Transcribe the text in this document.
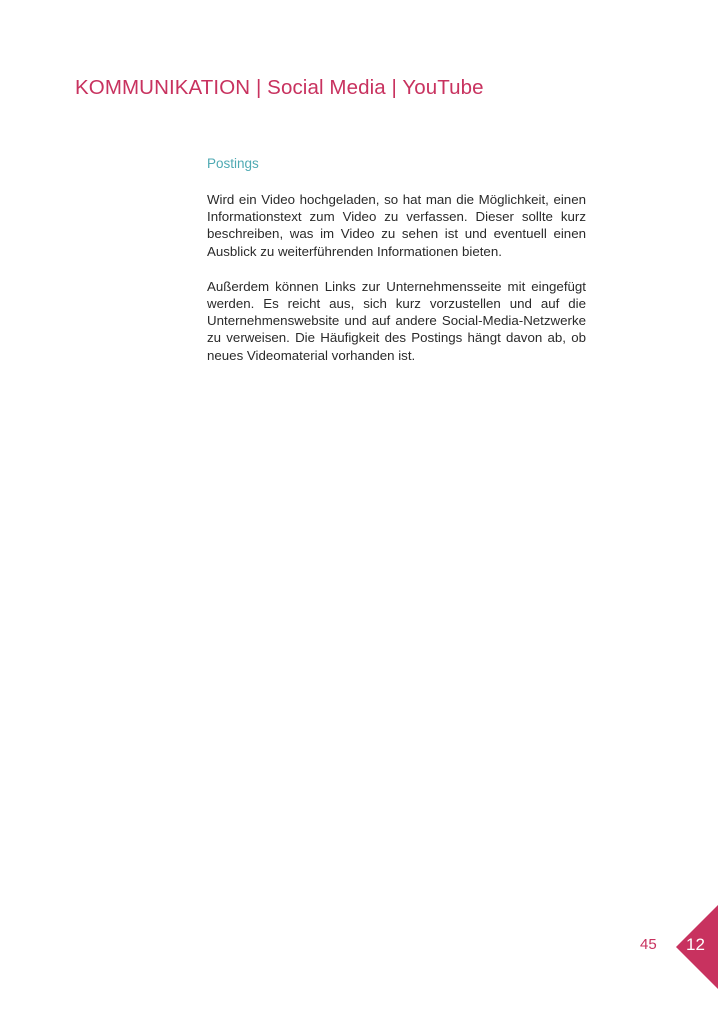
KOMMUNIKATION | Social Media | YouTube
Postings

Wird ein Video hochgeladen, so hat man die Möglichkeit, einen Informationstext zum Video zu verfassen. Dieser sollte kurz beschreiben, was im Video zu sehen ist und eventuell einen Ausblick zu weiterführenden Informationen bieten.

Außerdem können Links zur Unternehmensseite mit eingefügt werden. Es reicht aus, sich kurz vorzustellen und auf die Unternehmenswebsite und auf andere Social-Media-Netzwerke zu verweisen. Die Häufigkeit des Postings hängt davon ab, ob neues Videomaterial vorhanden ist.

45 12
